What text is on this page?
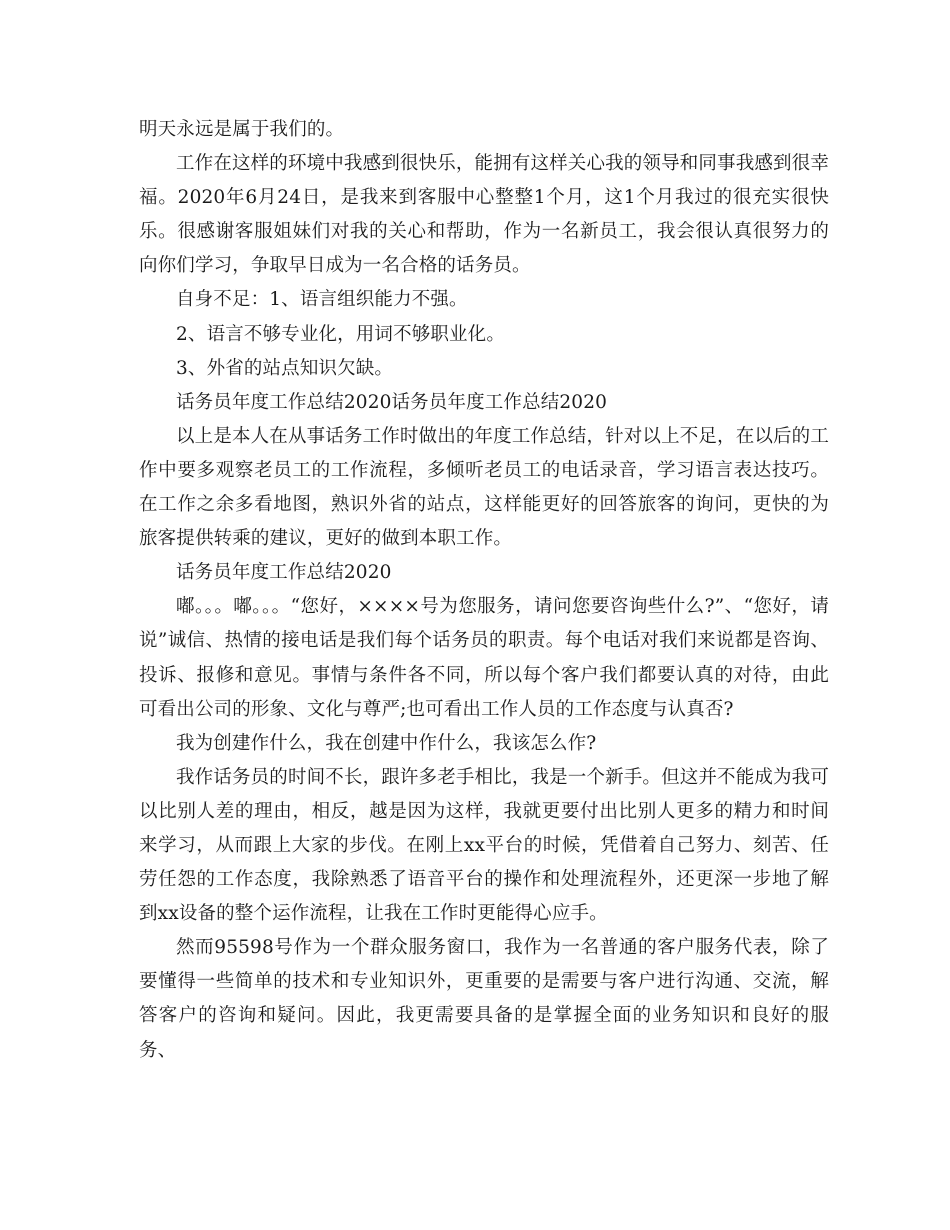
明天永远是属于我们的。

工作在这样的环境中我感到很快乐，能拥有这样关心我的领导和同事我感到很幸福。2020年6月24日，是我来到客服中心整整1个月，这1个月我过的很充实很快乐。很感谢客服姐妹们对我的关心和帮助，作为一名新员工，我会很认真很努力的向你们学习，争取早日成为一名合格的话务员。

自身不足：1、语言组织能力不强。

2、语言不够专业化，用词不够职业化。

3、外省的站点知识欠缺。

话务员年度工作总结2020话务员年度工作总结2020

以上是本人在从事话务工作时做出的年度工作总结，针对以上不足，在以后的工作中要多观察老员工的工作流程，多倾听老员工的电话录音，学习语言表达技巧。在工作之余多看地图，熟识外省的站点，这样能更好的回答旅客的询问，更快的为旅客提供转乘的建议，更好的做到本职工作。

话务员年度工作总结2020

嘟。。。嘟。。。“您好，××××号为您服务，请问您要咨询些什么?”、“您好，请说”诚信、热情的接电话是我们每个话务员的职责。每个电话对我们来说都是咨询、投诉、报修和意见。事情与条件各不同，所以每个客户我们都要认真的对待，由此可看出公司的形象、文化与尊严;也可看出工作人员的工作态度与认真否?

我为创建作什么，我在创建中作什么，我该怎么作?

我作话务员的时间不长，跟许多老手相比，我是一个新手。但这并不能成为我可以比别人差的理由，相反，越是因为这样，我就更要付出比别人更多的精力和时间来学习，从而跟上大家的步伐。在刚上xx平台的时候，凭借着自己努力、刻苦、任劳任怨的工作态度，我除熟悉了语音平台的操作和处理流程外，还更深一步地了解到xx设备的整个运作流程，让我在工作时更能得心应手。

然而95598号作为一个群众服务窗口，我作为一名普通的客户服务代表，除了要懂得一些简单的技术和专业知识外，更重要的是需要与客户进行沟通、交流，解答客户的咨询和疑问。因此，我更需要具备的是掌握全面的业务知识和良好的服务、
